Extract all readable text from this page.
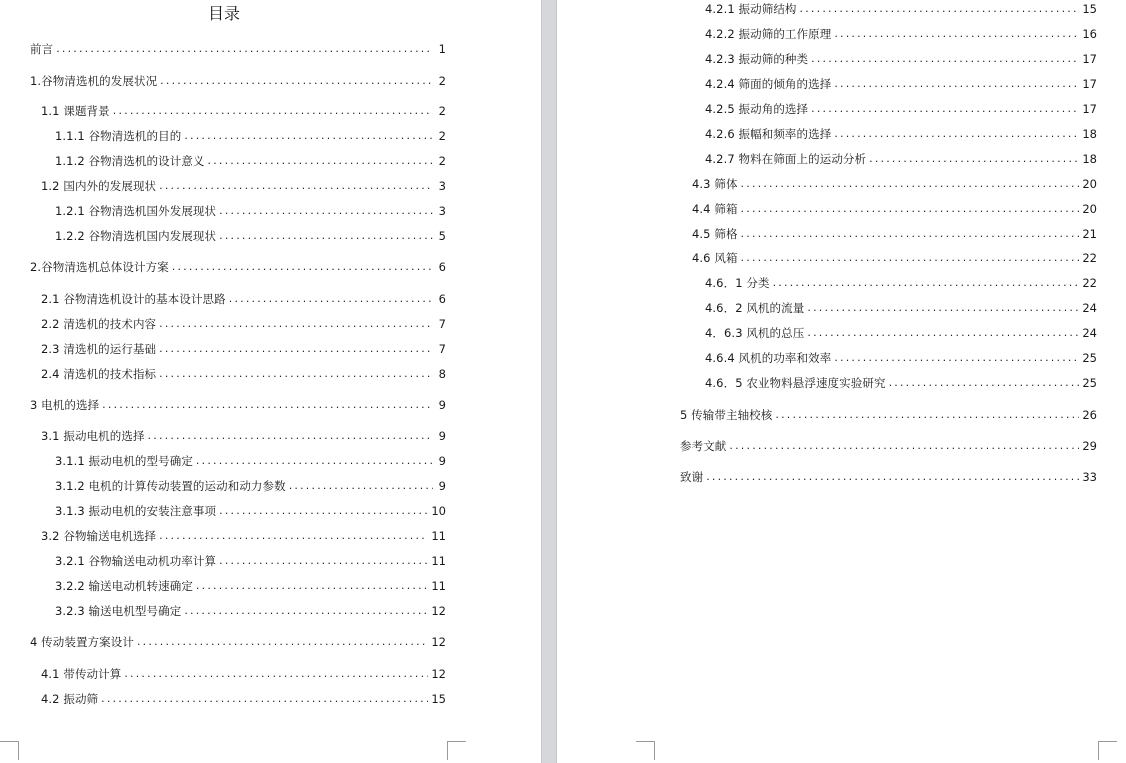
目录
前言 .....	1
1.谷物清选机的发展状况 .....	2
1.1 课题背景 .....	2
1.1.1 谷物清选机的目的 .....	2
1.1.2 谷物清选机的设计意义 .....	2
1.2 国内外的发展现状 .....	3
1.2.1 谷物清选机国外发展现状 .....	3
1.2.2 谷物清选机国内发展现状 .....	5
2.谷物清选机总体设计方案 .....	6
2.1 谷物清选机设计的基本设计思路 .....	6
2.2 清选机的技术内容 .....	7
2.3 清选机的运行基础 .....	7
2.4 清选机的技术指标 .....	8
3 电机的选择 .....	9
3.1 振动电机的选择 .....	9
3.1.1 振动电机的型号确定 .....	9
3.1.2 电机的计算传动装置的运动和动力参数 .....	9
3.1.3 振动电机的安装注意事项 .....	10
3.2 谷物输送电机选择 .....	11
3.2.1 谷物输送电动机功率计算 .....	11
3.2.2 输送电动机转速确定 .....	11
3.2.3 输送电机型号确定 .....	12
4 传动装置方案设计 .....	12
4.1 带传动计算 .....	12
4.2 振动筛 .....	15
4.2.1 振动筛结构 .....	15
4.2.2 振动筛的工作原理 .....	16
4.2.3 振动筛的种类 .....	17
4.2.4 筛面的倾角的选择 .....	17
4.2.5 振动角的选择 .....	17
4.2.6 振幅和频率的选择 .....	18
4.2.7 物料在筛面上的运动分析 .....	18
4.3 筛体 .....	20
4.4 筛箱 .....	20
4.5 筛格 .....	21
4.6 风箱 .....	22
4.6．1 分类 .....	22
4.6．2 风机的流量 .....	24
4．6.3 风机的总压 .....	24
4.6.4 风机的功率和效率 .....	25
4.6．5 农业物料悬浮速度实验研究 .....	25
5 传输带主轴校核 .....	26
参考文献 .....	29
致谢 .....	33
